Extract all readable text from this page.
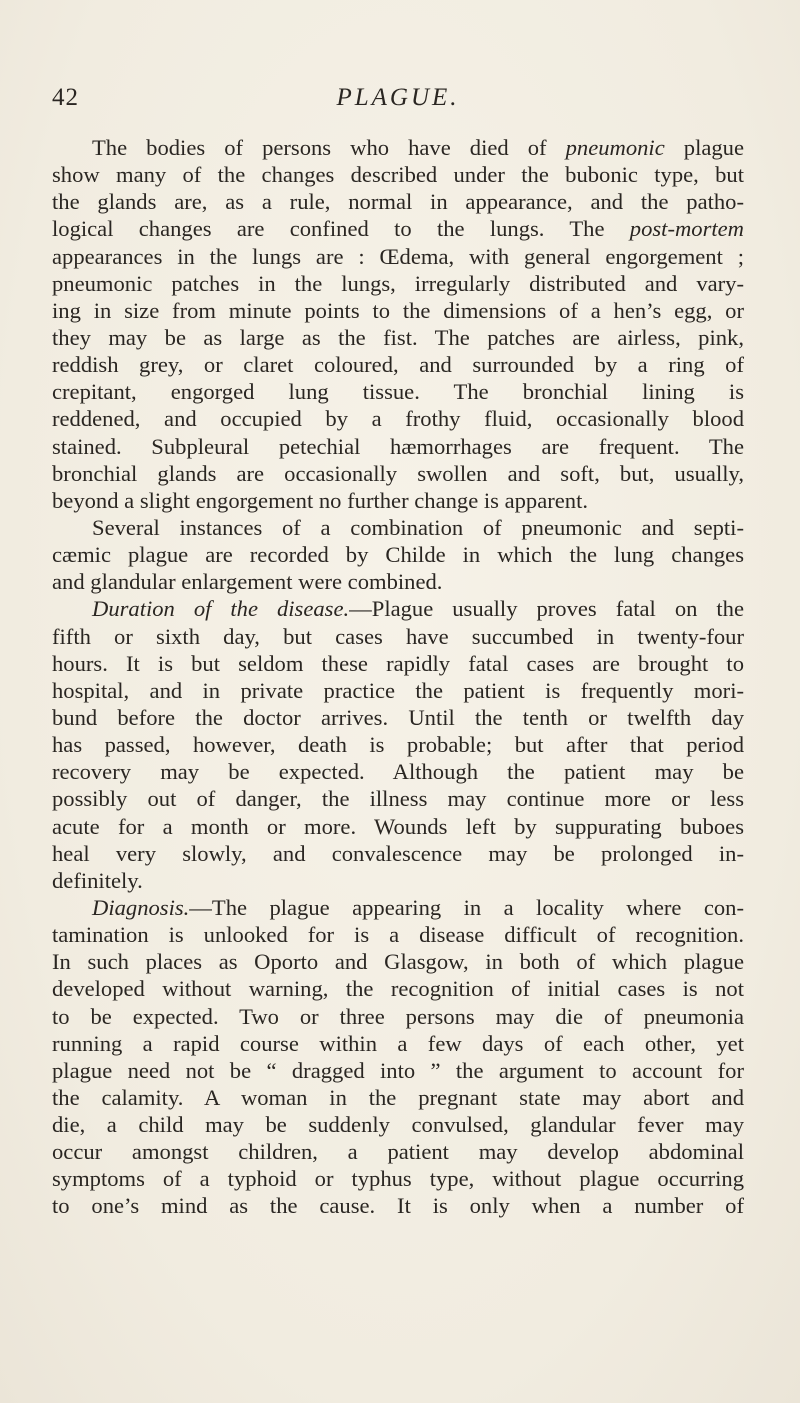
42	PLAGUE.
The bodies of persons who have died of pneumonic plague
show many of the changes described under the bubonic type, but
the glands are, as a rule, normal in appearance, and the patho-
logical changes are confined to the lungs. The post-mortem
appearances in the lungs are : Œdema, with general engorgement ;
pneumonic patches in the lungs, irregularly distributed and vary-
ing in size from minute points to the dimensions of a hen’s egg, or
they may be as large as the fist. The patches are airless, pink,
reddish grey, or claret coloured, and surrounded by a ring of
crepitant, engorged lung tissue. The bronchial lining is
reddened, and occupied by a frothy fluid, occasionally blood
stained. Subpleural petechial hæmorrhages are frequent. The
bronchial glands are occasionally swollen and soft, but, usually,
beyond a slight engorgement no further change is apparent.
Several instances of a combination of pneumonic and septi-
cæmic plague are recorded by Childe in which the lung changes
and glandular enlargement were combined.
Duration of the disease.—Plague usually proves fatal on the
fifth or sixth day, but cases have succumbed in twenty-four
hours. It is but seldom these rapidly fatal cases are brought to
hospital, and in private practice the patient is frequently mori-
bund before the doctor arrives. Until the tenth or twelfth day
has passed, however, death is probable; but after that period
recovery may be expected. Although the patient may be
possibly out of danger, the illness may continue more or less
acute for a month or more. Wounds left by suppurating buboes
heal very slowly, and convalescence may be prolonged in-
definitely.
Diagnosis.—The plague appearing in a locality where con-
tamination is unlooked for is a disease difficult of recognition.
In such places as Oporto and Glasgow, in both of which plague
developed without warning, the recognition of initial cases is not
to be expected. Two or three persons may die of pneumonia
running a rapid course within a few days of each other, yet
plague need not be “ dragged into ” the argument to account for
the calamity. A woman in the pregnant state may abort and
die, a child may be suddenly convulsed, glandular fever may
occur amongst children, a patient may develop abdominal
symptoms of a typhoid or typhus type, without plague occurring
to one’s mind as the cause. It is only when a number of
